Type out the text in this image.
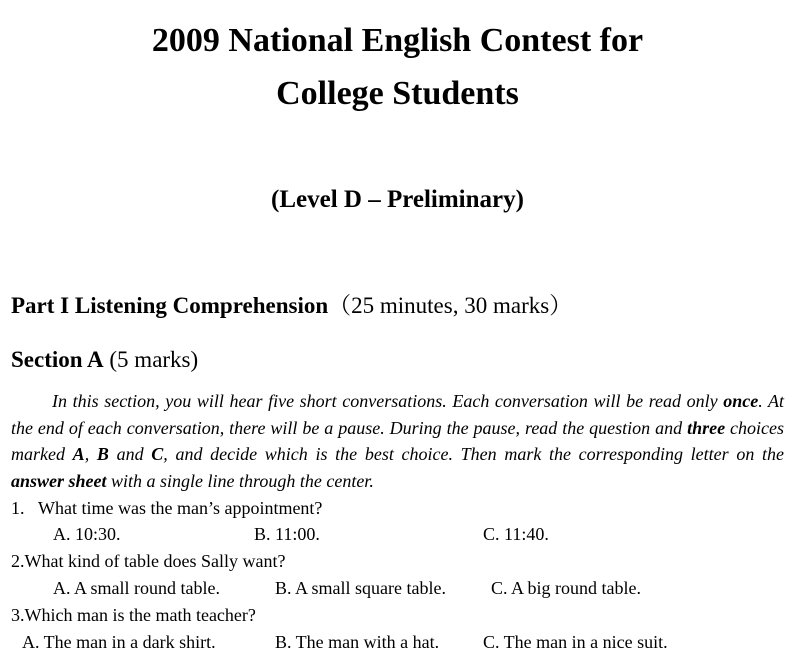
2009 National English Contest for
College Students
(Level D – Preliminary)

Part I Listening Comprehension（25 minutes, 30 marks）

Section A (5 marks)

In this section, you will hear five short conversations. Each conversation will be read only once. At the end of each conversation, there will be a pause. During the pause, read the question and three choices marked A, B and C, and decide which is the best choice. Then mark the corresponding letter on the answer sheet with a single line through the center.

1.   What time was the man’s appointment?

A. 10:30.	B. 11:00.	C. 11:40.

2.What kind of table does Sally want?

A. A small round table.	B. A small square table.	C. A big round table.

3.Which man is the math teacher?

A. The man in a dark shirt.	B. The man with a hat. C. The man in a nice suit.
